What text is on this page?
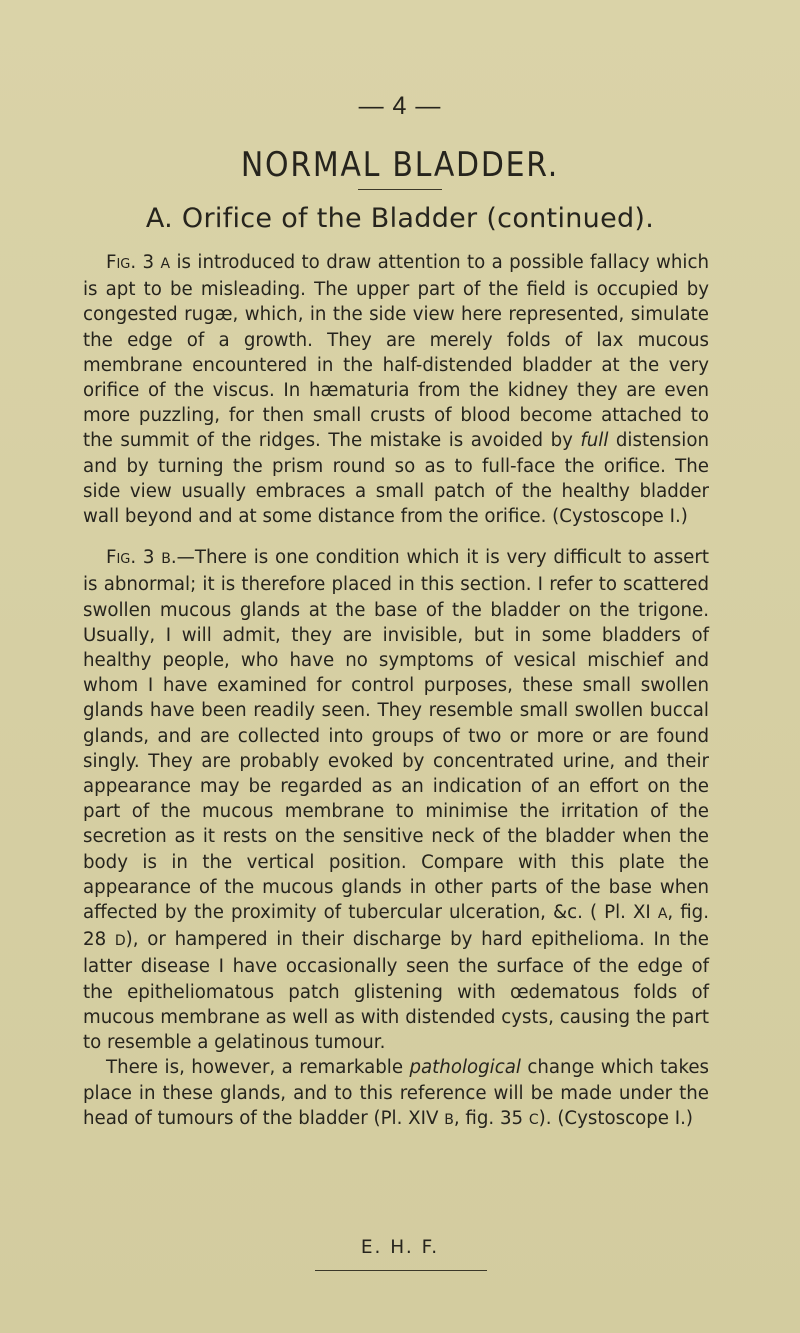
— 4 —
NORMAL BLADDER.
A. Orifice of the Bladder (continued).

Fig. 3 A is introduced to draw attention to a possible fallacy which is apt to be misleading. The upper part of the field is occupied by congested rugæ, which, in the side view here represented, simulate the edge of a growth. They are merely folds of lax mucous membrane encountered in the half-distended bladder at the very orifice of the viscus. In hæmaturia from the kidney they are even more puzzling, for then small crusts of blood become attached to the summit of the ridges. The mistake is avoided by full distension and by turning the prism round so as to full-face the orifice. The side view usually embraces a small patch of the healthy bladder wall beyond and at some distance from the orifice. (Cystoscope I.)

Fig. 3 B.—There is one condition which it is very difficult to assert is abnormal; it is therefore placed in this section. I refer to scattered swollen mucous glands at the base of the bladder on the trigone. Usually, I will admit, they are invisible, but in some bladders of healthy people, who have no symptoms of vesical mischief and whom I have examined for control purposes, these small swollen glands have been readily seen. They resemble small swollen buccal glands, and are collected into groups of two or more or are found singly. They are probably evoked by concentrated urine, and their appearance may be regarded as an indication of an effort on the part of the mucous membrane to minimise the irritation of the secretion as it rests on the sensitive neck of the bladder when the body is in the vertical position. Compare with this plate the appearance of the mucous glands in other parts of the base when affected by the proximity of tubercular ulceration, &c. ( Pl. XI A, fig. 28 D), or hampered in their discharge by hard epithelioma. In the latter disease I have occasionally seen the surface of the edge of the epitheliomatous patch glistening with œdematous folds of mucous membrane as well as with distended cysts, causing the part to resemble a gelatinous tumour.

There is, however, a remarkable pathological change which takes place in these glands, and to this reference will be made under the head of tumours of the bladder (Pl. XIV B, fig. 35 C). (Cystoscope I.)

E. H. F.
